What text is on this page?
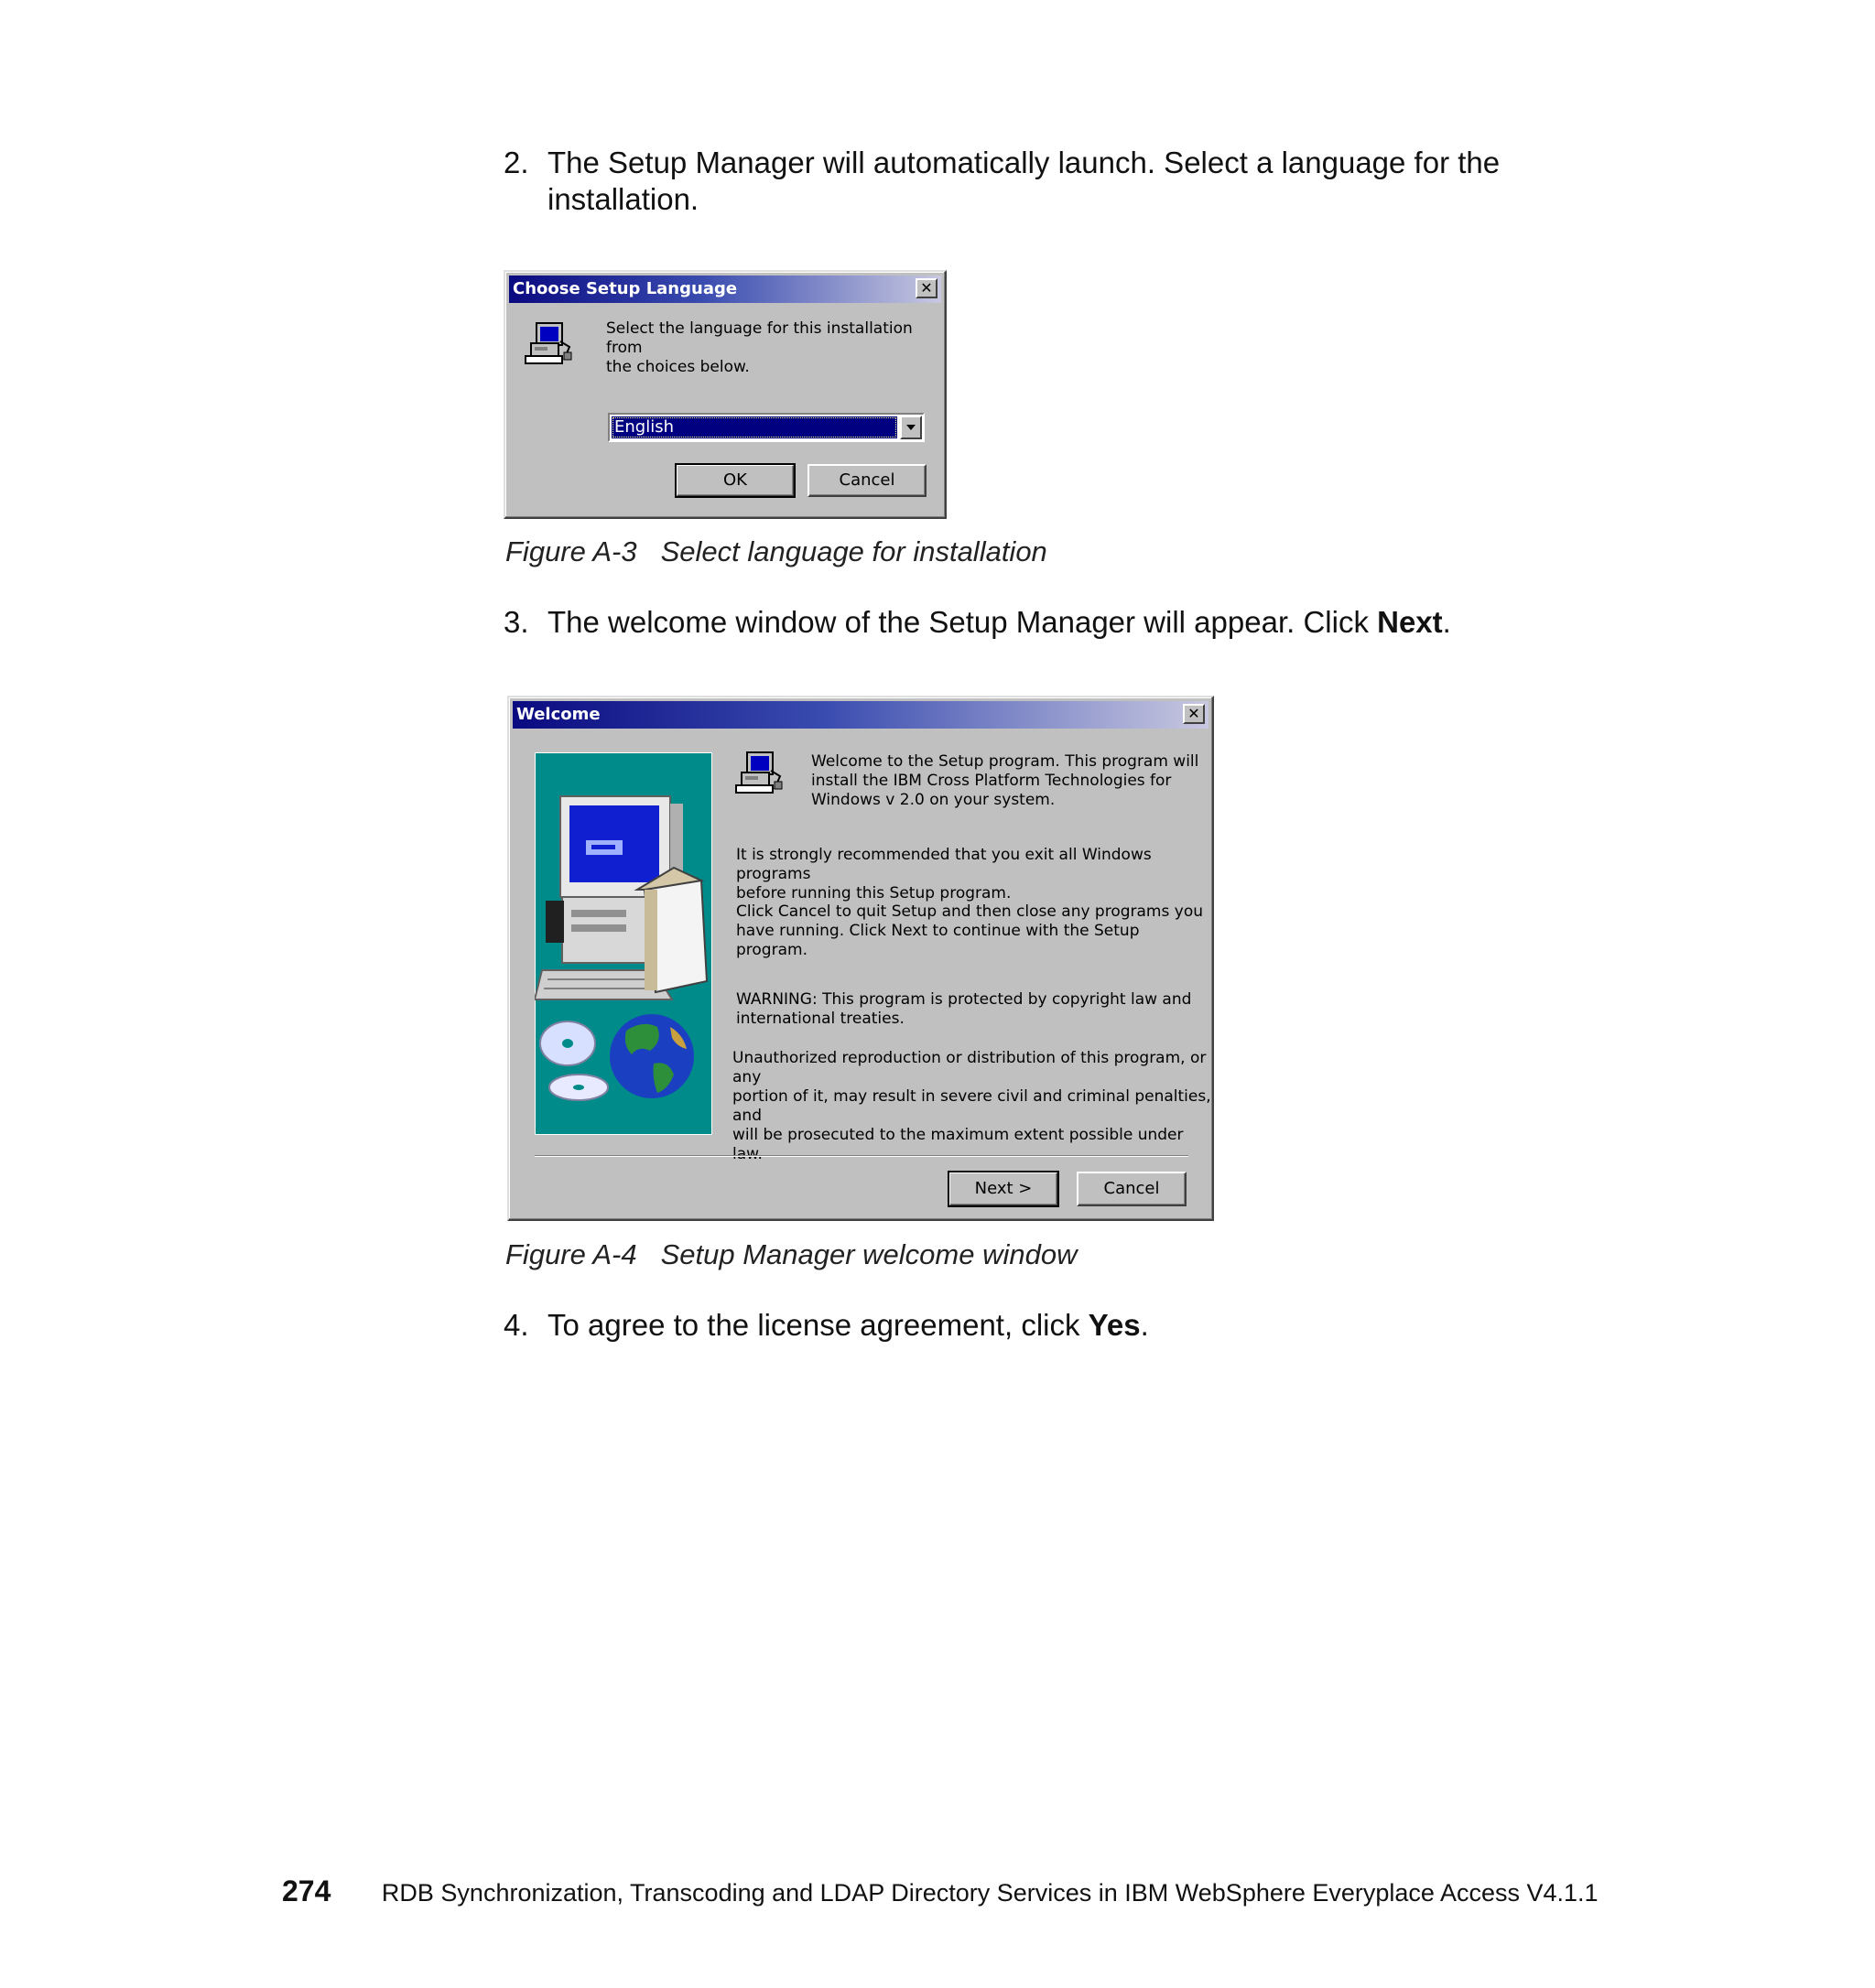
2. The Setup Manager will automatically launch. Select a language for the installation.
Choose Setup Language	✕
Select the language for this installation from
the choices below.
English
OK	Cancel
Figure A-3 Select language for installation
3. The welcome window of the Setup Manager will appear. Click Next.
Welcome	✕
Welcome to the Setup program. This program will
install the IBM Cross Platform Technologies for
Windows v 2.0 on your system.
It is strongly recommended that you exit all Windows programs
before running this Setup program.
Click Cancel to quit Setup and then close any programs you
have running. Click Next to continue with the Setup program.
WARNING: This program is protected by copyright law and
international treaties.
Unauthorized reproduction or distribution of this program, or any
portion of it, may result in severe civil and criminal penalties, and
will be prosecuted to the maximum extent possible under law.
Next >	Cancel
Figure A-4 Setup Manager welcome window
4. To agree to the license agreement, click Yes.
274 RDB Synchronization, Transcoding and LDAP Directory Services in IBM WebSphere Everyplace Access V4.1.1
